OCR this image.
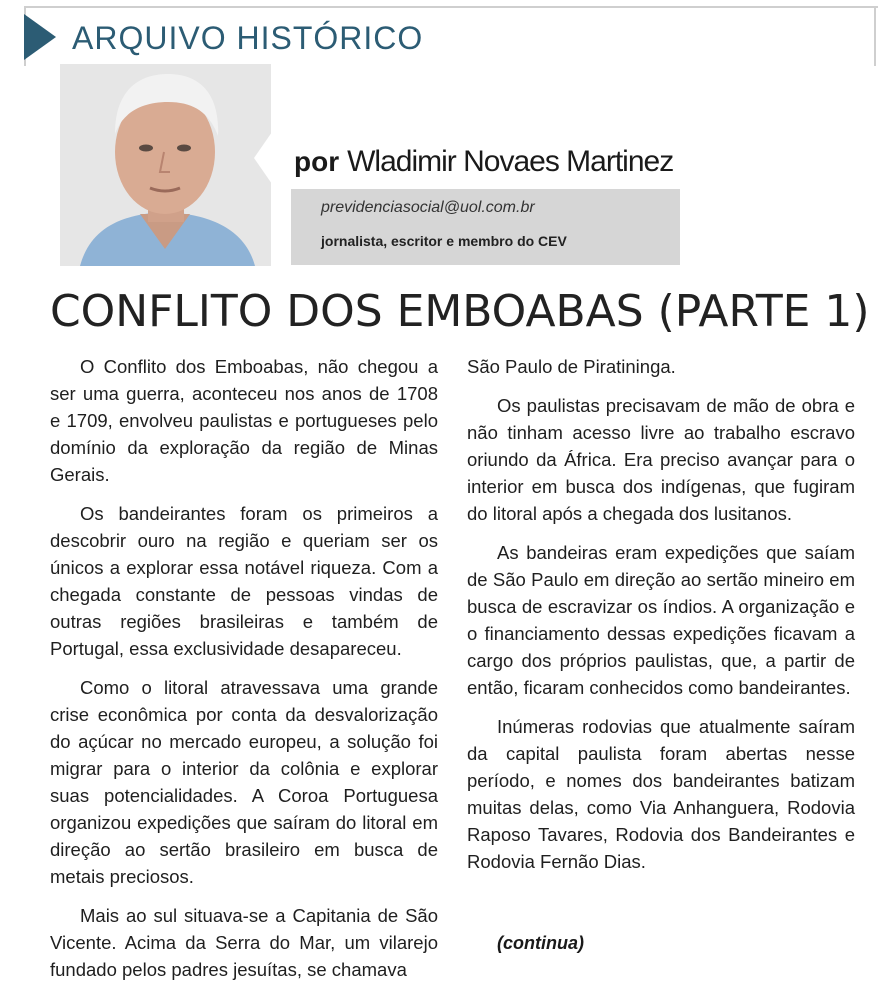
ARQUIVO HISTÓRICO
por Wladimir Novaes Martinez
previdenciasocial@uol.com.br
jornalista, escritor e membro do CEV
CONFLITO DOS EMBOABAS (PARTE 1)

O Conflito dos Emboabas, não chegou a ser uma guerra, aconteceu nos anos de 1708 e 1709, envolveu paulistas e portugueses pelo domínio da exploração da região de Minas Gerais.

Os bandeirantes foram os primeiros a descobrir ouro na região e queriam ser os únicos a explorar essa notável riqueza. Com a chegada constante de pessoas vindas de outras regiões brasileiras e também de Portugal, essa exclusividade desapareceu.

Como o litoral atravessava uma grande crise econômica por conta da desvalorização do açúcar no mercado europeu, a solução foi migrar para o interior da colônia e explorar suas potencialidades. A Coroa Portuguesa organizou expedições que saíram do litoral em direção ao sertão brasileiro em busca de metais preciosos.

Mais ao sul situava-se a Capitania de São Vicente. Acima da Serra do Mar, um vilarejo fundado pelos padres jesuítas, se chamava

São Paulo de Piratininga.

Os paulistas precisavam de mão de obra e não tinham acesso livre ao trabalho escravo oriundo da África. Era preciso avançar para o interior em busca dos indígenas, que fugiram do litoral após a chegada dos lusitanos.

As bandeiras eram expedições que saíam de São Paulo em direção ao sertão mineiro em busca de escravizar os índios. A organização e o financiamento dessas expedições ficavam a cargo dos próprios paulistas, que, a partir de então, ficaram conhecidos como bandeirantes.

Inúmeras rodovias que atualmente saíram da capital paulista foram abertas nesse período, e nomes dos bandeirantes batizam muitas delas, como Via Anhanguera, Rodovia Raposo Tavares, Rodovia dos Bandeirantes e Rodovia Fernão Dias.

(continua)
